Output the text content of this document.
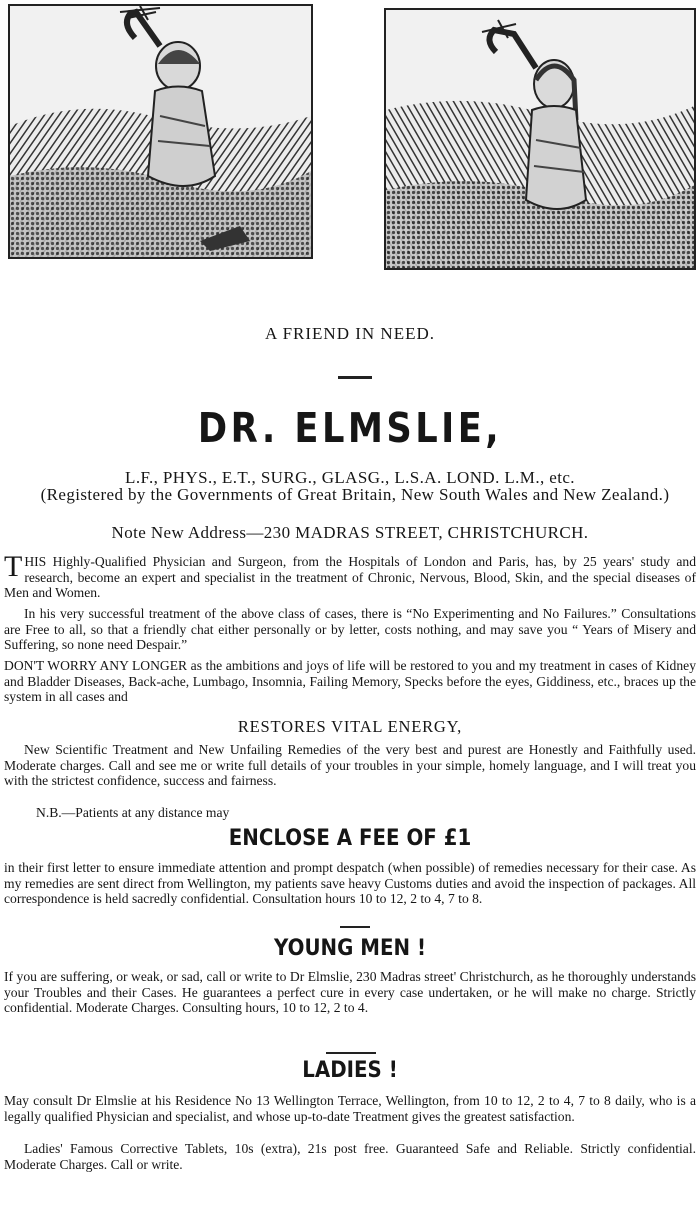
A FRIEND IN NEED.
DR. ELMSLIE,
L.F., PHYS., E.T., SURG., GLASG., L.S.A. LOND. L.M., etc.
(Registered by the Governments of Great Britain, New South Wales and New Zealand.)
Note New Address—230 MADRAS STREET, CHRISTCHURCH.
THIS Highly-Qualified Physician and Surgeon, from the Hospitals of London and Paris, has, by 25 years' study and research, become an expert and specialist in the treatment of Chronic, Nervous, Blood, Skin, and the special diseases of Men and Women.
In his very successful treatment of the above class of cases, there is “No Experimenting and No Failures.” Consultations are Free to all, so that a friendly chat either personally or by letter, costs nothing, and may save you “ Years of Misery and Suffering, so none need Despair.”
DON'T WORRY ANY LONGER as the ambitions and joys of life will be restored to you and my treatment in cases of Kidney and Bladder Diseases, Back-ache, Lumbago, Insomnia, Failing Memory, Specks before the eyes, Giddiness, etc., braces up the system in all cases and
RESTORES VITAL ENERGY,
New Scientific Treatment and New Unfailing Remedies of the very best and purest are Honestly and Faithfully used. Moderate charges. Call and see me or write full details of your troubles in your simple, homely language, and I will treat you with the strictest confidence, success and fairness.
N.B.—Patients at any distance may
ENCLOSE A FEE OF £1
in their first letter to ensure immediate attention and prompt despatch (when possible) of remedies necessary for their case. As my remedies are sent direct from Wellington, my patients save heavy Customs duties and avoid the inspection of packages. All correspondence is held sacredly confidential. Consultation hours 10 to 12, 2 to 4, 7 to 8.
YOUNG MEN !
If you are suffering, or weak, or sad, call or write to Dr Elmslie, 230 Madras street' Christchurch, as he thoroughly understands your Troubles and their Cases. He guarantees a perfect cure in every case undertaken, or he will make no charge. Strictly confidential. Moderate Charges. Consulting hours, 10 to 12, 2 to 4.
LADIES !
May consult Dr Elmslie at his Residence No 13 Wellington Terrace, Wellington, from 10 to 12, 2 to 4, 7 to 8 daily, who is a legally qualified Physician and specialist, and whose up-to-date Treatment gives the greatest satisfaction.
Ladies' Famous Corrective Tablets, 10s (extra), 21s post free. Guaranteed Safe and Reliable. Strictly confidential. Moderate Charges. Call or write.
